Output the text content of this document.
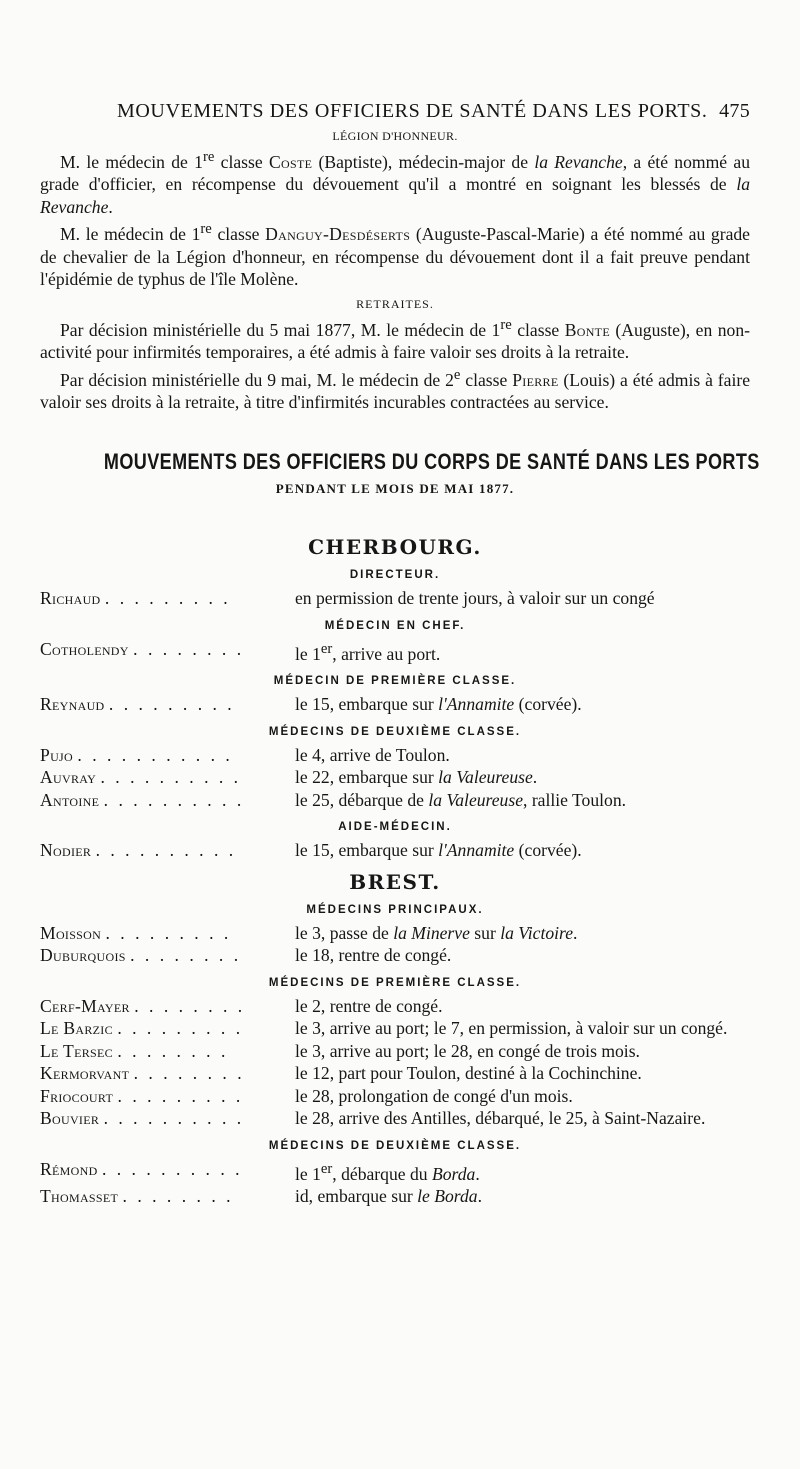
MOUVEMENTS DES OFFICIERS DE SANTÉ DANS LES PORTS. 475
LÉGION D'HONNEUR.

M. le médecin de 1re classe Coste (Baptiste), médecin-major de la Revanche, a été nommé au grade d'officier, en récompense du dévouement qu'il a montré en soignant les blessés de la Revanche.

M. le médecin de 1re classe Danguy-Desdéserts (Auguste-Pascal-Marie) a été nommé au grade de chevalier de la Légion d'honneur, en récompense du dévouement dont il a fait preuve pendant l'épidémie de typhus de l'île Molène.

RETRAITES.

Par décision ministérielle du 5 mai 1877, M. le médecin de 1re classe Bonte (Auguste), en non-activité pour infirmités temporaires, a été admis à faire valoir ses droits à la retraite.

Par décision ministérielle du 9 mai, M. le médecin de 2e classe Pierre (Louis) a été admis à faire valoir ses droits à la retraite, à titre d'infirmités incurables contractées au service.

MOUVEMENTS DES OFFICIERS DU CORPS DE SANTÉ DANS LES PORTS
PENDANT LE MOIS DE MAI 1877.
CHERBOURG.
DIRECTEUR.
Richaud . . . . . . . . .	en permission de trente jours, à valoir sur un congé
MÉDECIN EN CHEF.
Cotholendy . . . . . . . .	le 1er, arrive au port.
MÉDECIN DE PREMIÈRE CLASSE.
Reynaud . . . . . . . . .	le 15, embarque sur l'Annamite (corvée).
MÉDECINS DE DEUXIÈME CLASSE.
Pujo . . . . . . . . . . .	le 4, arrive de Toulon.
Auvray . . . . . . . . . .	le 22, embarque sur la Valeureuse.
Antoine . . . . . . . . . .	le 25, débarque de la Valeureuse, rallie Toulon.
AIDE-MÉDECIN.
Nodier . . . . . . . . . .	le 15, embarque sur l'Annamite (corvée).
BREST.
MÉDECINS PRINCIPAUX.
Moisson . . . . . . . . .	le 3, passe de la Minerve sur la Victoire.
Duburquois . . . . . . . .	le 18, rentre de congé.
MÉDECINS DE PREMIÈRE CLASSE.
Cerf-Mayer . . . . . . . .	le 2, rentre de congé.
Le Barzic . . . . . . . . .	le 3, arrive au port; le 7, en permission, à valoir sur un congé.
Le Tersec . . . . . . . .	le 3, arrive au port; le 28, en congé de trois mois.
Kermorvant . . . . . . . .	le 12, part pour Toulon, destiné à la Cochinchine.
Friocourt . . . . . . . . .	le 28, prolongation de congé d'un mois.
Bouvier . . . . . . . . . .	le 28, arrive des Antilles, débarqué, le 25, à Saint-Nazaire.
MÉDECINS DE DEUXIÈME CLASSE.
Rémond . . . . . . . . . .	le 1er, débarque du Borda.
Thomasset . . . . . . . .	id, embarque sur le Borda.
